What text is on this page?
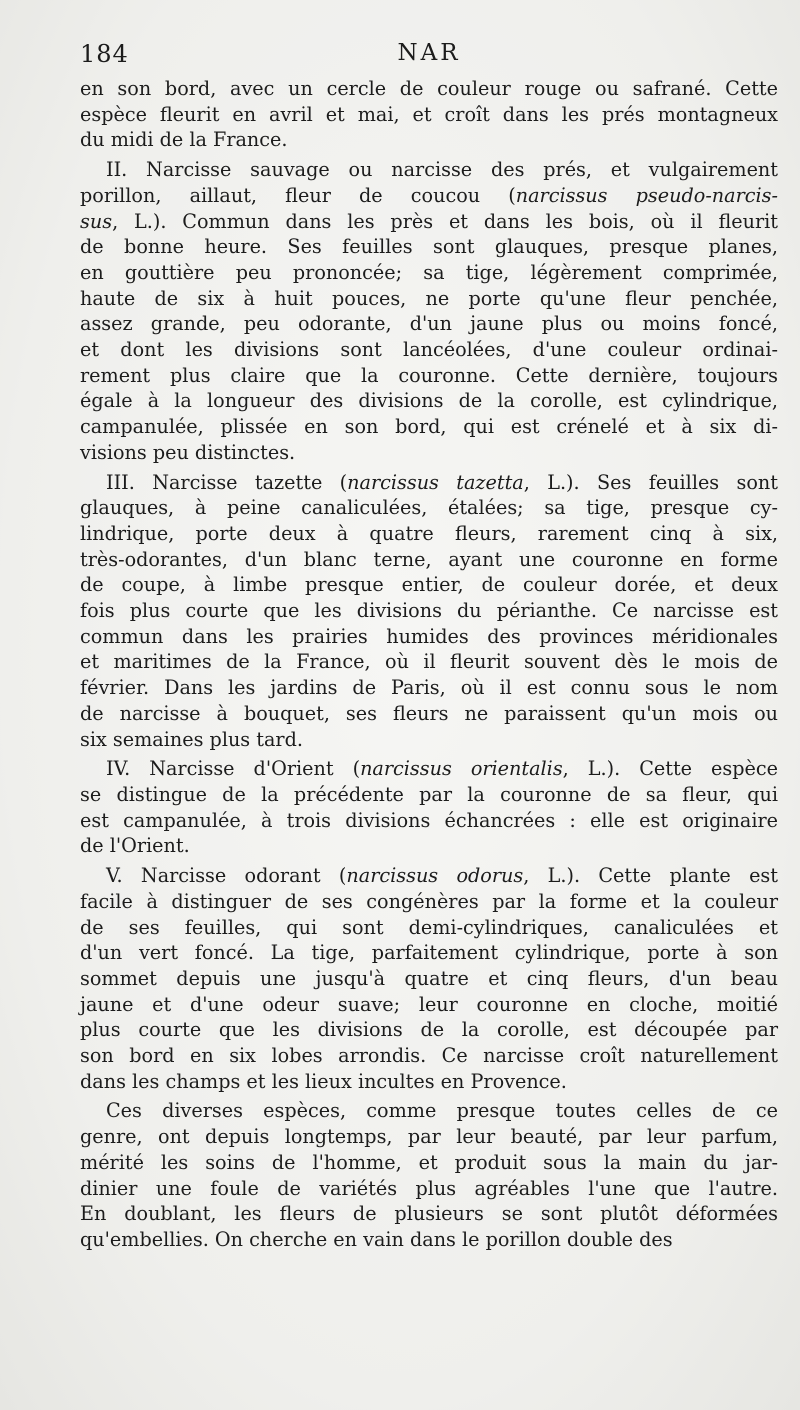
184	NAR
en son bord, avec un cercle de couleur rouge ou safrané. Cette
espèce fleurit en avril et mai, et croît dans les prés montagneux
du midi de la France.
II. Narcisse sauvage ou narcisse des prés, et vulgairement
porillon, aillaut, fleur de coucou (narcissus pseudo-narcis-
sus, L.). Commun dans les près et dans les bois, où il fleurit
de bonne heure. Ses feuilles sont glauques, presque planes,
en gouttière peu prononcée; sa tige, légèrement comprimée,
haute de six à huit pouces, ne porte qu'une fleur penchée,
assez grande, peu odorante, d'un jaune plus ou moins foncé,
et dont les divisions sont lancéolées, d'une couleur ordinai-
rement plus claire que la couronne. Cette dernière, toujours
égale à la longueur des divisions de la corolle, est cylindrique,
campanulée, plissée en son bord, qui est crénelé et à six di-
visions peu distinctes.
III. Narcisse tazette (narcissus tazetta, L.). Ses feuilles sont
glauques, à peine canaliculées, étalées; sa tige, presque cy-
lindrique, porte deux à quatre fleurs, rarement cinq à six,
très-odorantes, d'un blanc terne, ayant une couronne en forme
de coupe, à limbe presque entier, de couleur dorée, et deux
fois plus courte que les divisions du périanthe. Ce narcisse est
commun dans les prairies humides des provinces méridionales
et maritimes de la France, où il fleurit souvent dès le mois de
février. Dans les jardins de Paris, où il est connu sous le nom
de narcisse à bouquet, ses fleurs ne paraissent qu'un mois ou
six semaines plus tard.
IV. Narcisse d'Orient (narcissus orientalis, L.). Cette espèce
se distingue de la précédente par la couronne de sa fleur, qui
est campanulée, à trois divisions échancrées : elle est originaire
de l'Orient.
V. Narcisse odorant (narcissus odorus, L.). Cette plante est
facile à distinguer de ses congénères par la forme et la couleur
de ses feuilles, qui sont demi-cylindriques, canaliculées et
d'un vert foncé. La tige, parfaitement cylindrique, porte à son
sommet depuis une jusqu'à quatre et cinq fleurs, d'un beau
jaune et d'une odeur suave; leur couronne en cloche, moitié
plus courte que les divisions de la corolle, est découpée par
son bord en six lobes arrondis. Ce narcisse croît naturellement
dans les champs et les lieux incultes en Provence.
Ces diverses espèces, comme presque toutes celles de ce
genre, ont depuis longtemps, par leur beauté, par leur parfum,
mérité les soins de l'homme, et produit sous la main du jar-
dinier une foule de variétés plus agréables l'une que l'autre.
En doublant, les fleurs de plusieurs se sont plutôt déformées
qu'embellies. On cherche en vain dans le porillon double des
